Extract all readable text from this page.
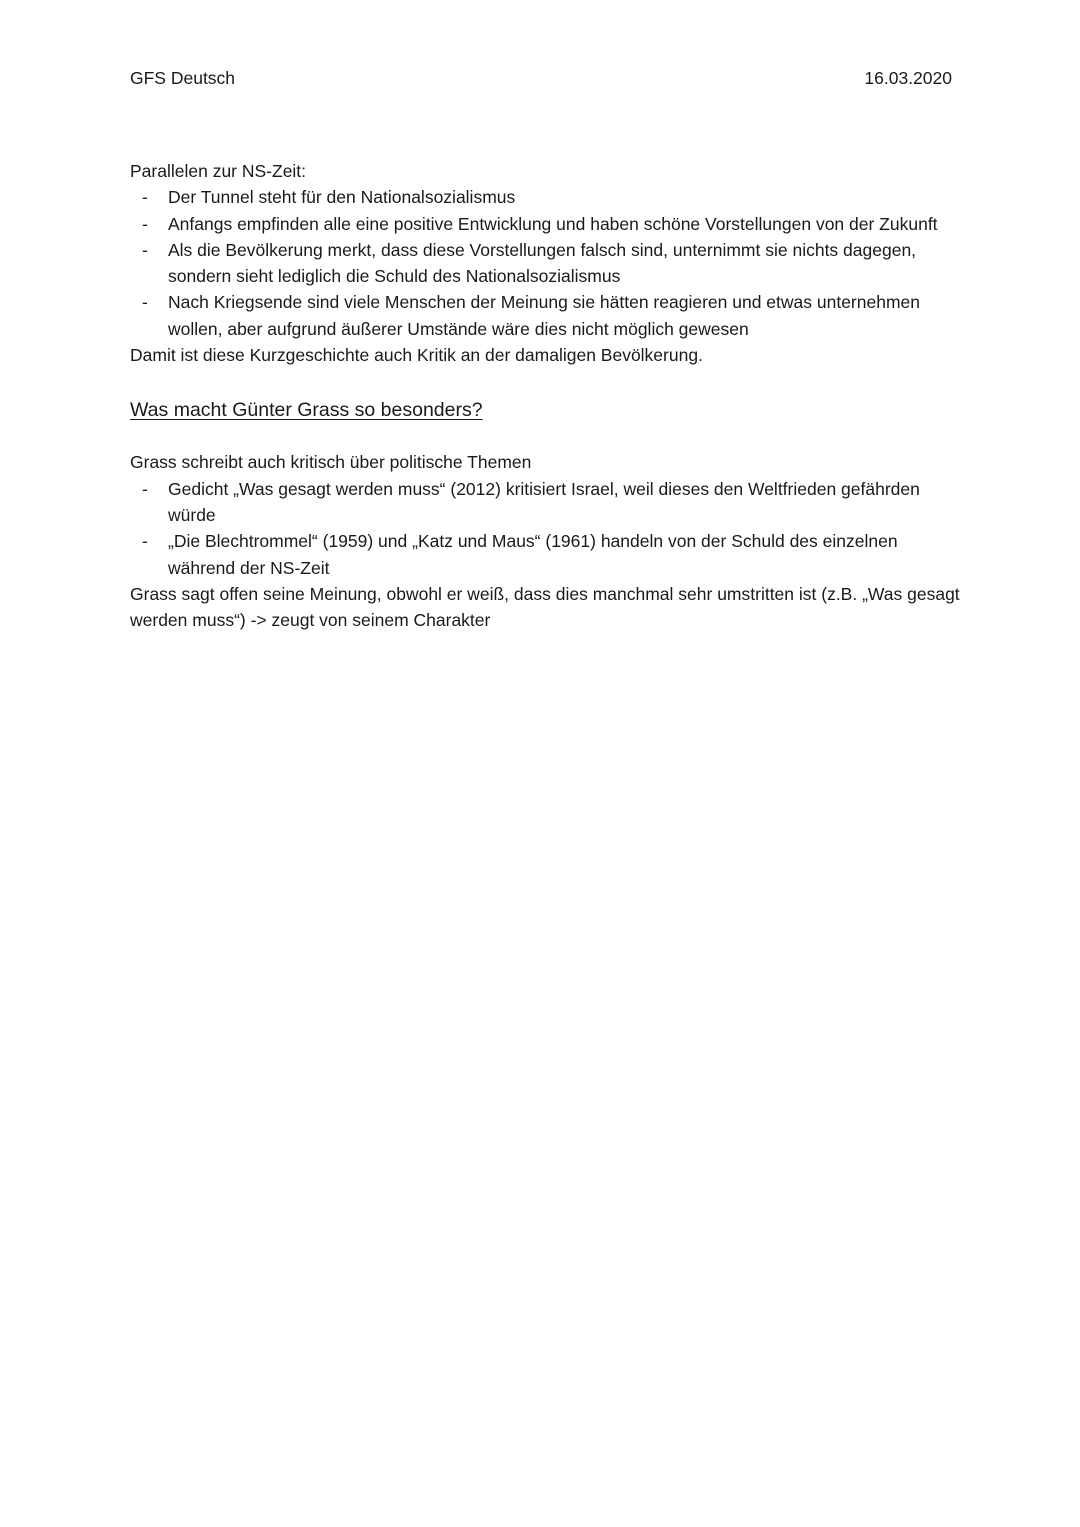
GFS Deutsch	16.03.2020

Parallelen zur NS-Zeit:

- Der Tunnel steht für den Nationalsozialismus
- Anfangs empfinden alle eine positive Entwicklung und haben schöne Vorstellungen von der Zukunft
- Als die Bevölkerung merkt, dass diese Vorstellungen falsch sind, unternimmt sie nichts dagegen, sondern sieht lediglich die Schuld des Nationalsozialismus
- Nach Kriegsende sind viele Menschen der Meinung sie hätten reagieren und etwas unternehmen wollen, aber aufgrund äußerer Umstände wäre dies nicht möglich gewesen

Damit ist diese Kurzgeschichte auch Kritik an der damaligen Bevölkerung.

Was macht Günter Grass so besonders?

Grass schreibt auch kritisch über politische Themen

- Gedicht „Was gesagt werden muss“ (2012) kritisiert Israel, weil dieses den Weltfrieden gefährden würde
- „Die Blechtrommel“ (1959) und „Katz und Maus“ (1961) handeln von der Schuld des einzelnen während der NS-Zeit

Grass sagt offen seine Meinung, obwohl er weiß, dass dies manchmal sehr umstritten ist (z.B. „Was gesagt werden muss“) -> zeugt von seinem Charakter
